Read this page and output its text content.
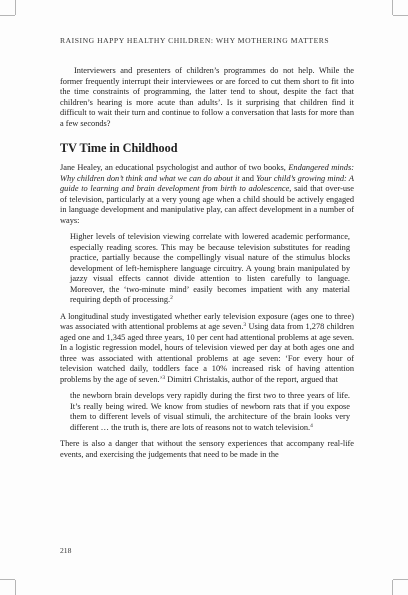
RAISING HAPPY HEALTHY CHILDREN: WHY MOTHERING MATTERS

Interviewers and presenters of children’s programmes do not help. While the former frequently interrupt their interviewees or are forced to cut them short to fit into the time constraints of programming, the latter tend to shout, despite the fact that children’s hearing is more acute than adults’. Is it surprising that children find it difficult to wait their turn and continue to follow a conversation that lasts for more than a few seconds?

TV Time in Childhood

Jane Healey, an educational psychologist and author of two books, Endangered minds: Why children don’t think and what we can do about it and Your child’s growing mind: A guide to learning and brain development from birth to adolescence, said that over-use of television, particularly at a very young age when a child should be actively engaged in language development and manipulative play, can affect development in a number of ways:

Higher levels of television viewing correlate with lowered academic performance, especially reading scores. This may be because television substitutes for reading practice, partially because the compellingly visual nature of the stimulus blocks development of left-hemisphere language circuitry. A young brain manipulated by jazzy visual effects cannot divide attention to listen carefully to language. Moreover, the ‘two-minute mind’ easily becomes impatient with any material requiring depth of processing.$^2$

A longitudinal study investigated whether early television exposure (ages one to three) was associated with attentional problems at age seven.$^3$ Using data from 1,278 children aged one and 1,345 aged three years, 10 per cent had attentional problems at age seven. In a logistic regression model, hours of television viewed per day at both ages one and three was associated with attentional problems at age seven: ‘For every hour of television watched daily, toddlers face a 10% increased risk of having attention problems by the age of seven.’$^3$ Dimitri Christakis, author of the report, argued that

the newborn brain develops very rapidly during the first two to three years of life. It’s really being wired. We know from studies of newborn rats that if you expose them to different levels of visual stimuli, the architecture of the brain looks very different … the truth is, there are lots of reasons not to watch television.$^4$

There is also a danger that without the sensory experiences that accompany real-life events, and exercising the judgements that need to be made in the

218
